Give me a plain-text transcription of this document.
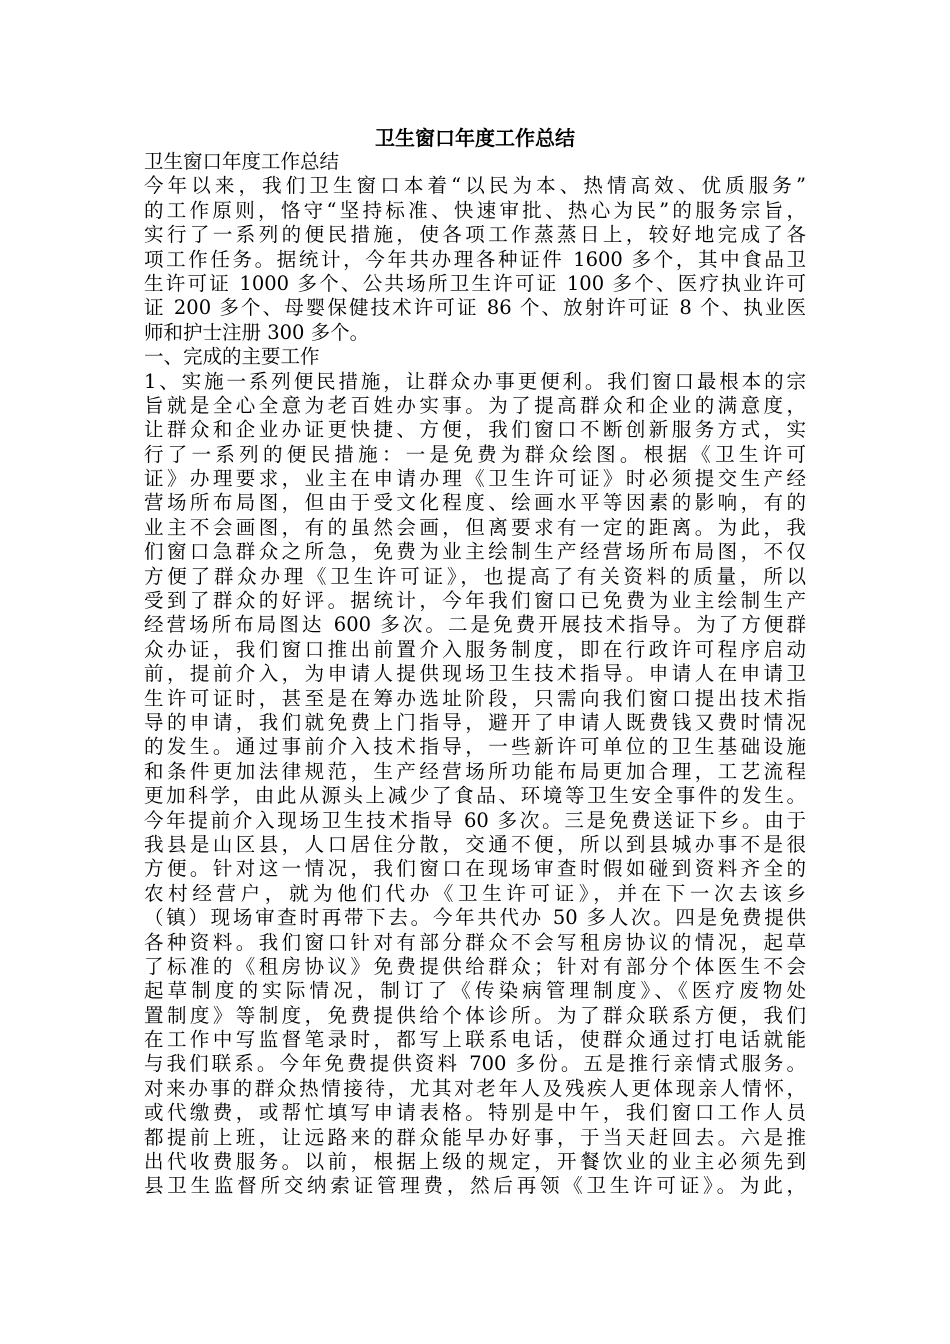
卫生窗口年度工作总结
卫生窗口年度工作总结
今年以来，我们卫生窗口本着“以民为本、热情高效、优质服务”
的工作原则，恪守“坚持标准、快速审批、热心为民”的服务宗旨，
实行了一系列的便民措施，使各项工作蒸蒸日上，较好地完成了各
项工作任务。据统计，今年共办理各种证件 1600 多个，其中食品卫
生许可证 1000 多个、公共场所卫生许可证 100 多个、医疗执业许可
证 200 多个、母婴保健技术许可证 86 个、放射许可证 8 个、执业医
师和护士注册 300 多个。
一、完成的主要工作
1、实施一系列便民措施，让群众办事更便利。我们窗口最根本的宗
旨就是全心全意为老百姓办实事。为了提高群众和企业的满意度，
让群众和企业办证更快捷、方便，我们窗口不断创新服务方式，实
行了一系列的便民措施：一是免费为群众绘图。根据《卫生许可
证》办理要求，业主在申请办理《卫生许可证》时必须提交生产经
营场所布局图，但由于受文化程度、绘画水平等因素的影响，有的
业主不会画图，有的虽然会画，但离要求有一定的距离。为此，我
们窗口急群众之所急，免费为业主绘制生产经营场所布局图，不仅
方便了群众办理《卫生许可证》，也提高了有关资料的质量，所以
受到了群众的好评。据统计，今年我们窗口已免费为业主绘制生产
经营场所布局图达 600 多次。二是免费开展技术指导。为了方便群
众办证，我们窗口推出前置介入服务制度，即在行政许可程序启动
前，提前介入，为申请人提供现场卫生技术指导。申请人在申请卫
生许可证时，甚至是在筹办选址阶段，只需向我们窗口提出技术指
导的申请，我们就免费上门指导，避开了申请人既费钱又费时情况
的发生。通过事前介入技术指导，一些新许可单位的卫生基础设施
和条件更加法律规范，生产经营场所功能布局更加合理，工艺流程
更加科学，由此从源头上减少了食品、环境等卫生安全事件的发生。
今年提前介入现场卫生技术指导 60 多次。三是免费送证下乡。由于
我县是山区县，人口居住分散，交通不便，所以到县城办事不是很
方便。针对这一情况，我们窗口在现场审查时假如碰到资料齐全的
农村经营户，就为他们代办《卫生许可证》，并在下一次去该乡
（镇）现场审查时再带下去。今年共代办 50 多人次。四是免费提供
各种资料。我们窗口针对有部分群众不会写租房协议的情况，起草
了标准的《租房协议》免费提供给群众；针对有部分个体医生不会
起草制度的实际情况，制订了《传染病管理制度》、《医疗废物处
置制度》等制度，免费提供给个体诊所。为了群众联系方便，我们
在工作中写监督笔录时，都写上联系电话，使群众通过打电话就能
与我们联系。今年免费提供资料 700 多份。五是推行亲情式服务。
对来办事的群众热情接待，尤其对老年人及残疾人更体现亲人情怀，
或代缴费，或帮忙填写申请表格。特别是中午，我们窗口工作人员
都提前上班，让远路来的群众能早办好事，于当天赶回去。六是推
出代收费服务。以前，根据上级的规定，开餐饮业的业主必须先到
县卫生监督所交纳索证管理费，然后再领《卫生许可证》。为此，
